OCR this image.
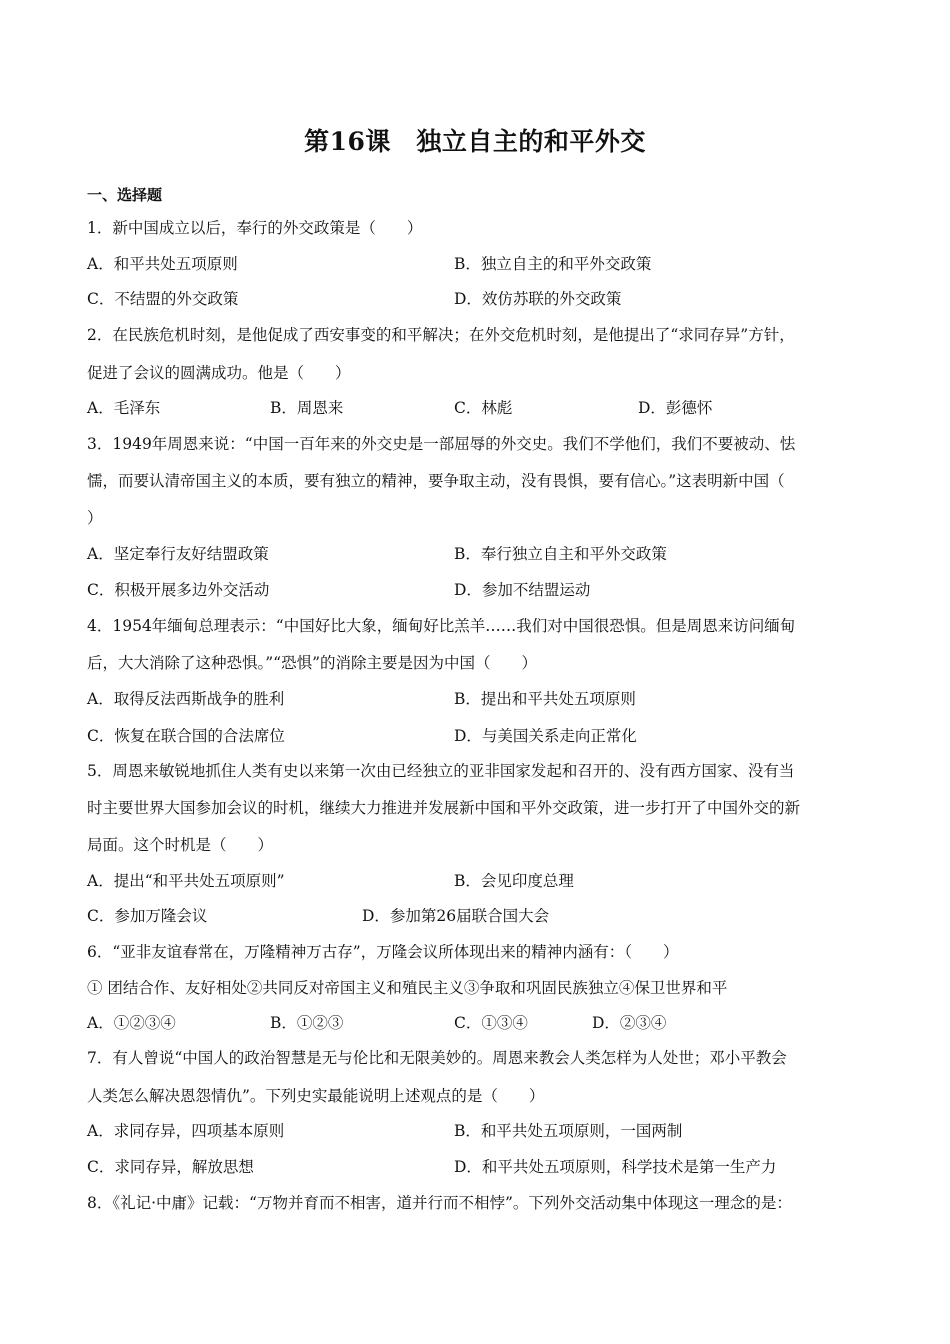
第16课　独立自主的和平外交
一、选择题
1．新中国成立以后，奉行的外交政策是（　　）
A．和平共处五项原则	B．独立自主的和平外交政策
C．不结盟的外交政策	D．效仿苏联的外交政策
2．在民族危机时刻，是他促成了西安事变的和平解决；在外交危机时刻，是他提出了“求同存异”方针，
促进了会议的圆满成功。他是（　　）
A．毛泽东	B．周恩来	C．林彪	D．彭德怀
3．1949年周恩来说：“中国一百年来的外交史是一部屈辱的外交史。我们不学他们，我们不要被动、怯
懦，而要认清帝国主义的本质，要有独立的精神，要争取主动，没有畏惧，要有信心。”这表明新中国（
）
A．坚定奉行友好结盟政策	B．奉行独立自主和平外交政策
C．积极开展多边外交活动	D．参加不结盟运动
4．1954年缅甸总理表示：“中国好比大象，缅甸好比羔羊……我们对中国很恐惧。但是周恩来访问缅甸
后，大大消除了这种恐惧。”“恐惧”的消除主要是因为中国（　　）
A．取得反法西斯战争的胜利	B．提出和平共处五项原则
C．恢复在联合国的合法席位	D．与美国关系走向正常化
5．周恩来敏锐地抓住人类有史以来第一次由已经独立的亚非国家发起和召开的、没有西方国家、没有当
时主要世界大国参加会议的时机，继续大力推进并发展新中国和平外交政策，进一步打开了中国外交的新
局面。这个时机是（　　）
A．提出“和平共处五项原则”	B．会见印度总理
C．参加万隆会议	D．参加第26届联合国大会
6．“亚非友谊春常在，万隆精神万古存”，万隆会议所体现出来的精神内涵有：（　　）
① 团结合作、友好相处②共同反对帝国主义和殖民主义③争取和巩固民族独立④保卫世界和平
A．①②③④	B．①②③	C．①③④	D．②③④
7．有人曾说“中国人的政治智慧是无与伦比和无限美妙的。周恩来教会人类怎样为人处世；邓小平教会
人类怎么解决恩怨情仇”。下列史实最能说明上述观点的是（　　）
A．求同存异，四项基本原则	B．和平共处五项原则，一国两制
C．求同存异，解放思想	D．和平共处五项原则，科学技术是第一生产力
8．《礼记·中庸》记载：“万物并育而不相害，道并行而不相悖”。下列外交活动集中体现这一理念的是：
